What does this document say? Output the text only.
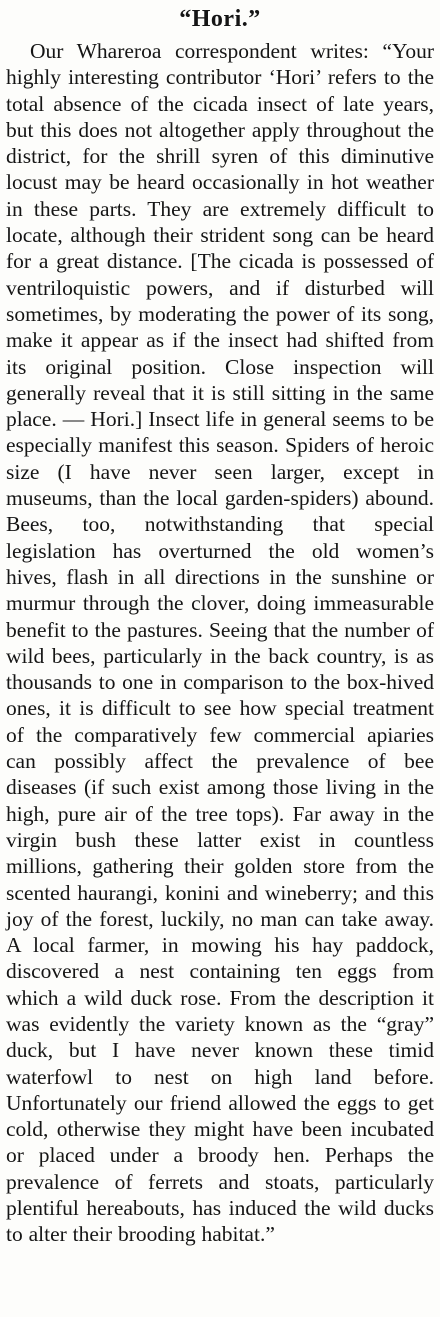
“Hori.”

Our Whareroa correspondent writes: “Your highly interesting contributor ‘Hori’ refers to the total absence of the cicada insect of late years, but this does not altogether apply throughout the district, for the shrill syren of this diminutive locust may be heard occasionally in hot weather in these parts. They are extremely difficult to locate, although their strident song can be heard for a great distance. [The cicada is possessed of ventriloquistic powers, and if disturbed will sometimes, by moderating the power of its song, make it appear as if the insect had shifted from its original position. Close inspection will generally reveal that it is still sitting in the same place. — Hori.] Insect life in general seems to be especially manifest this season. Spiders of heroic size (I have never seen larger, except in museums, than the local garden-spiders) abound. Bees, too, notwithstanding that special legislation has overturned the old women’s hives, flash in all directions in the sunshine or murmur through the clover, doing immeasurable benefit to the pastures. Seeing that the number of wild bees, particularly in the back country, is as thousands to one in comparison to the box-hived ones, it is difficult to see how special treatment of the comparatively few commercial apiaries can possibly affect the prevalence of bee diseases (if such exist among those living in the high, pure air of the tree tops). Far away in the virgin bush these latter exist in countless millions, gathering their golden store from the scented haurangi, konini and wineberry; and this joy of the forest, luckily, no man can take away. A local farmer, in mowing his hay paddock, discovered a nest containing ten eggs from which a wild duck rose. From the description it was evidently the variety known as the “gray” duck, but I have never known these timid waterfowl to nest on high land before. Unfortunately our friend allowed the eggs to get cold, otherwise they might have been incubated or placed under a broody hen. Perhaps the prevalence of ferrets and stoats, particularly plentiful hereabouts, has induced the wild ducks to alter their brooding habitat.”
